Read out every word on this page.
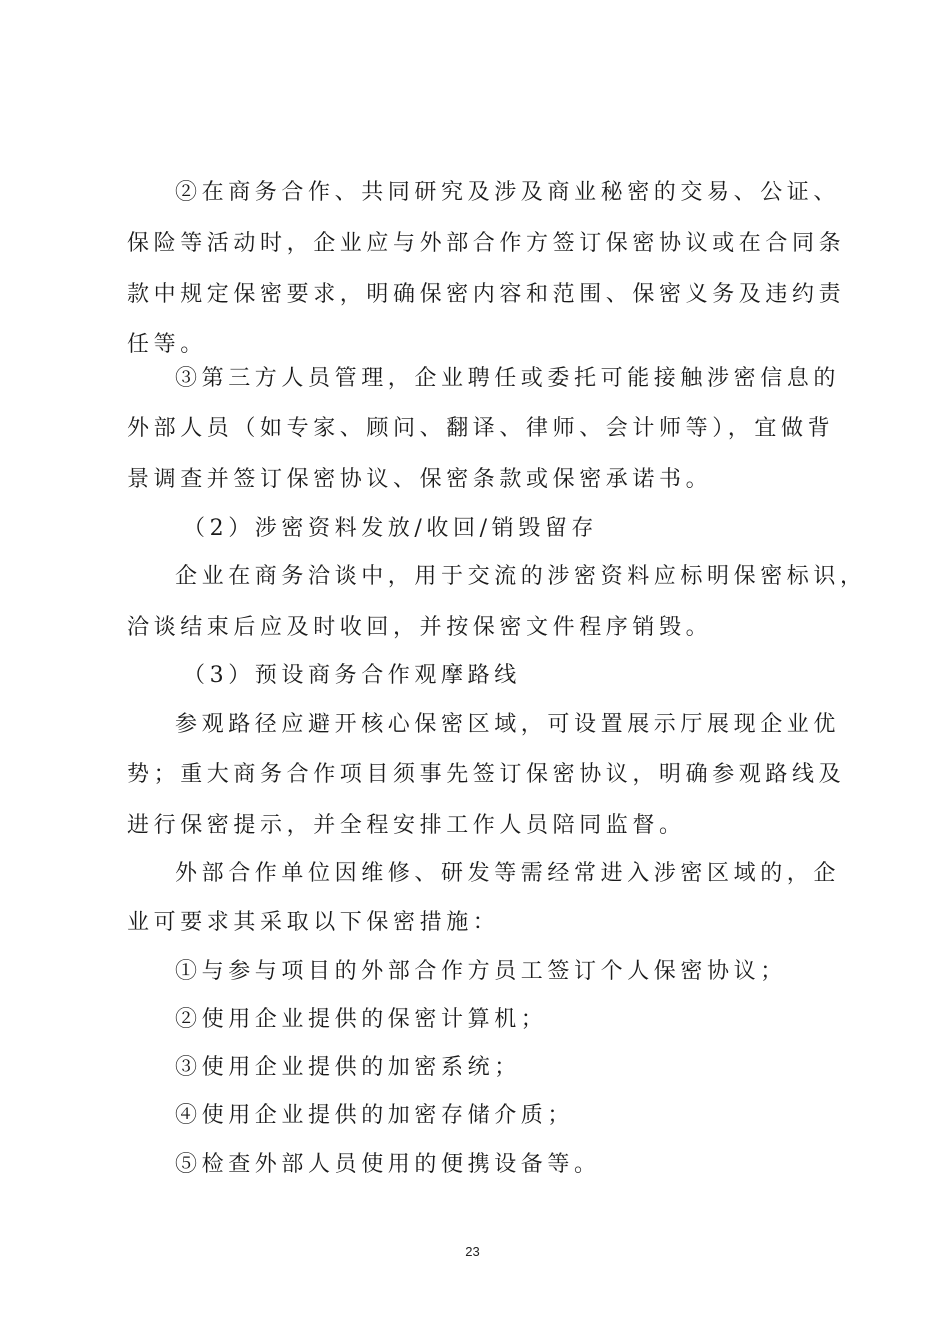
②在商务合作、共同研究及涉及商业秘密的交易、公证、
保险等活动时，企业应与外部合作方签订保密协议或在合同条
款中规定保密要求，明确保密内容和范围、保密义务及违约责
任等。
③第三方人员管理，企业聘任或委托可能接触涉密信息的
外部人员（如专家、顾问、翻译、律师、会计师等），宜做背
景调查并签订保密协议、保密条款或保密承诺书。
（2）涉密资料发放/收回/销毁留存
企业在商务洽谈中，用于交流的涉密资料应标明保密标识，
洽谈结束后应及时收回，并按保密文件程序销毁。
（3）预设商务合作观摩路线
参观路径应避开核心保密区域，可设置展示厅展现企业优
势；重大商务合作项目须事先签订保密协议，明确参观路线及
进行保密提示，并全程安排工作人员陪同监督。
外部合作单位因维修、研发等需经常进入涉密区域的，企
业可要求其采取以下保密措施：
①与参与项目的外部合作方员工签订个人保密协议；
②使用企业提供的保密计算机；
③使用企业提供的加密系统；
④使用企业提供的加密存储介质；
⑤检查外部人员使用的便携设备等。
23
